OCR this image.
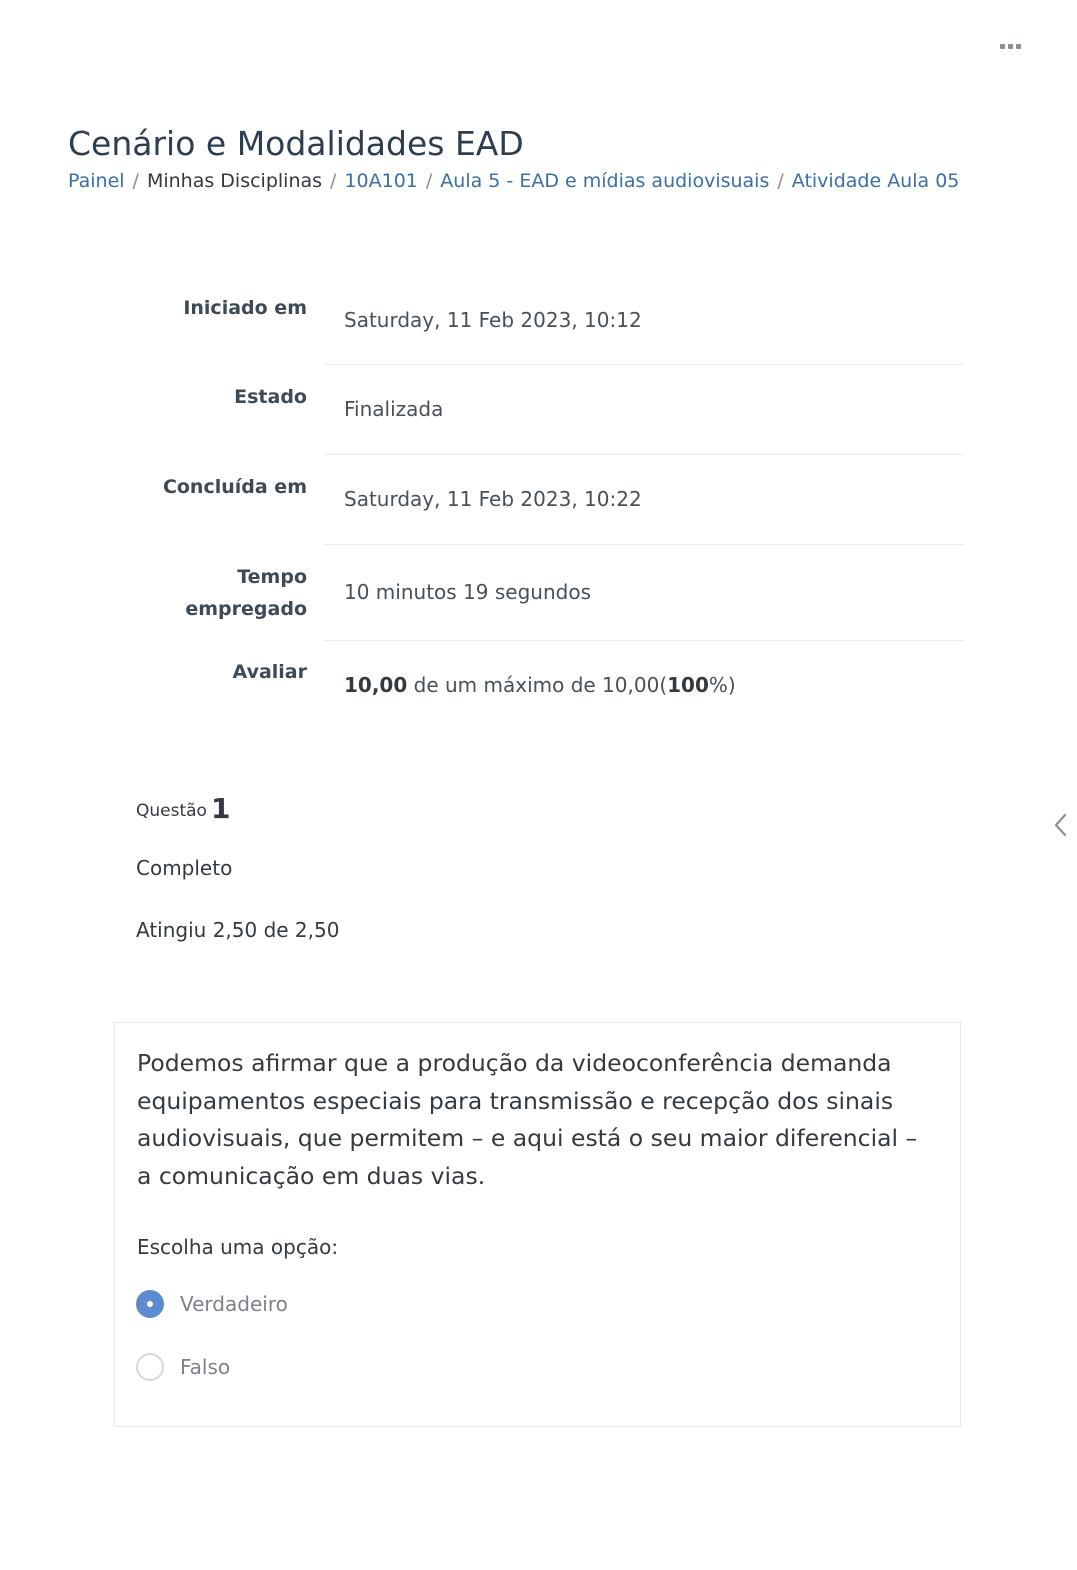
Cenário e Modalidades EAD
Painel / Minhas Disciplinas / 10A101 / Aula 5 - EAD e mídias audiovisuais / Atividade Aula 05
Iniciado em Saturday, 11 Feb 2023, 10:12
Estado Finalizada
Concluída em Saturday, 11 Feb 2023, 10:22
Tempo
empregado
10 minutos 19 segundos
Avaliar
10,00 de um máximo de 10,00(100%)
Questão 1
Completo
Atingiu 2,50 de 2,50
Podemos afirmar que a produção da videoconferência demanda equipamentos especiais para transmissão e recepção dos sinais audiovisuais, que permitem – e aqui está o seu maior diferencial – a comunicação em duas vias.
Escolha uma opção:
Verdadeiro
Falso
